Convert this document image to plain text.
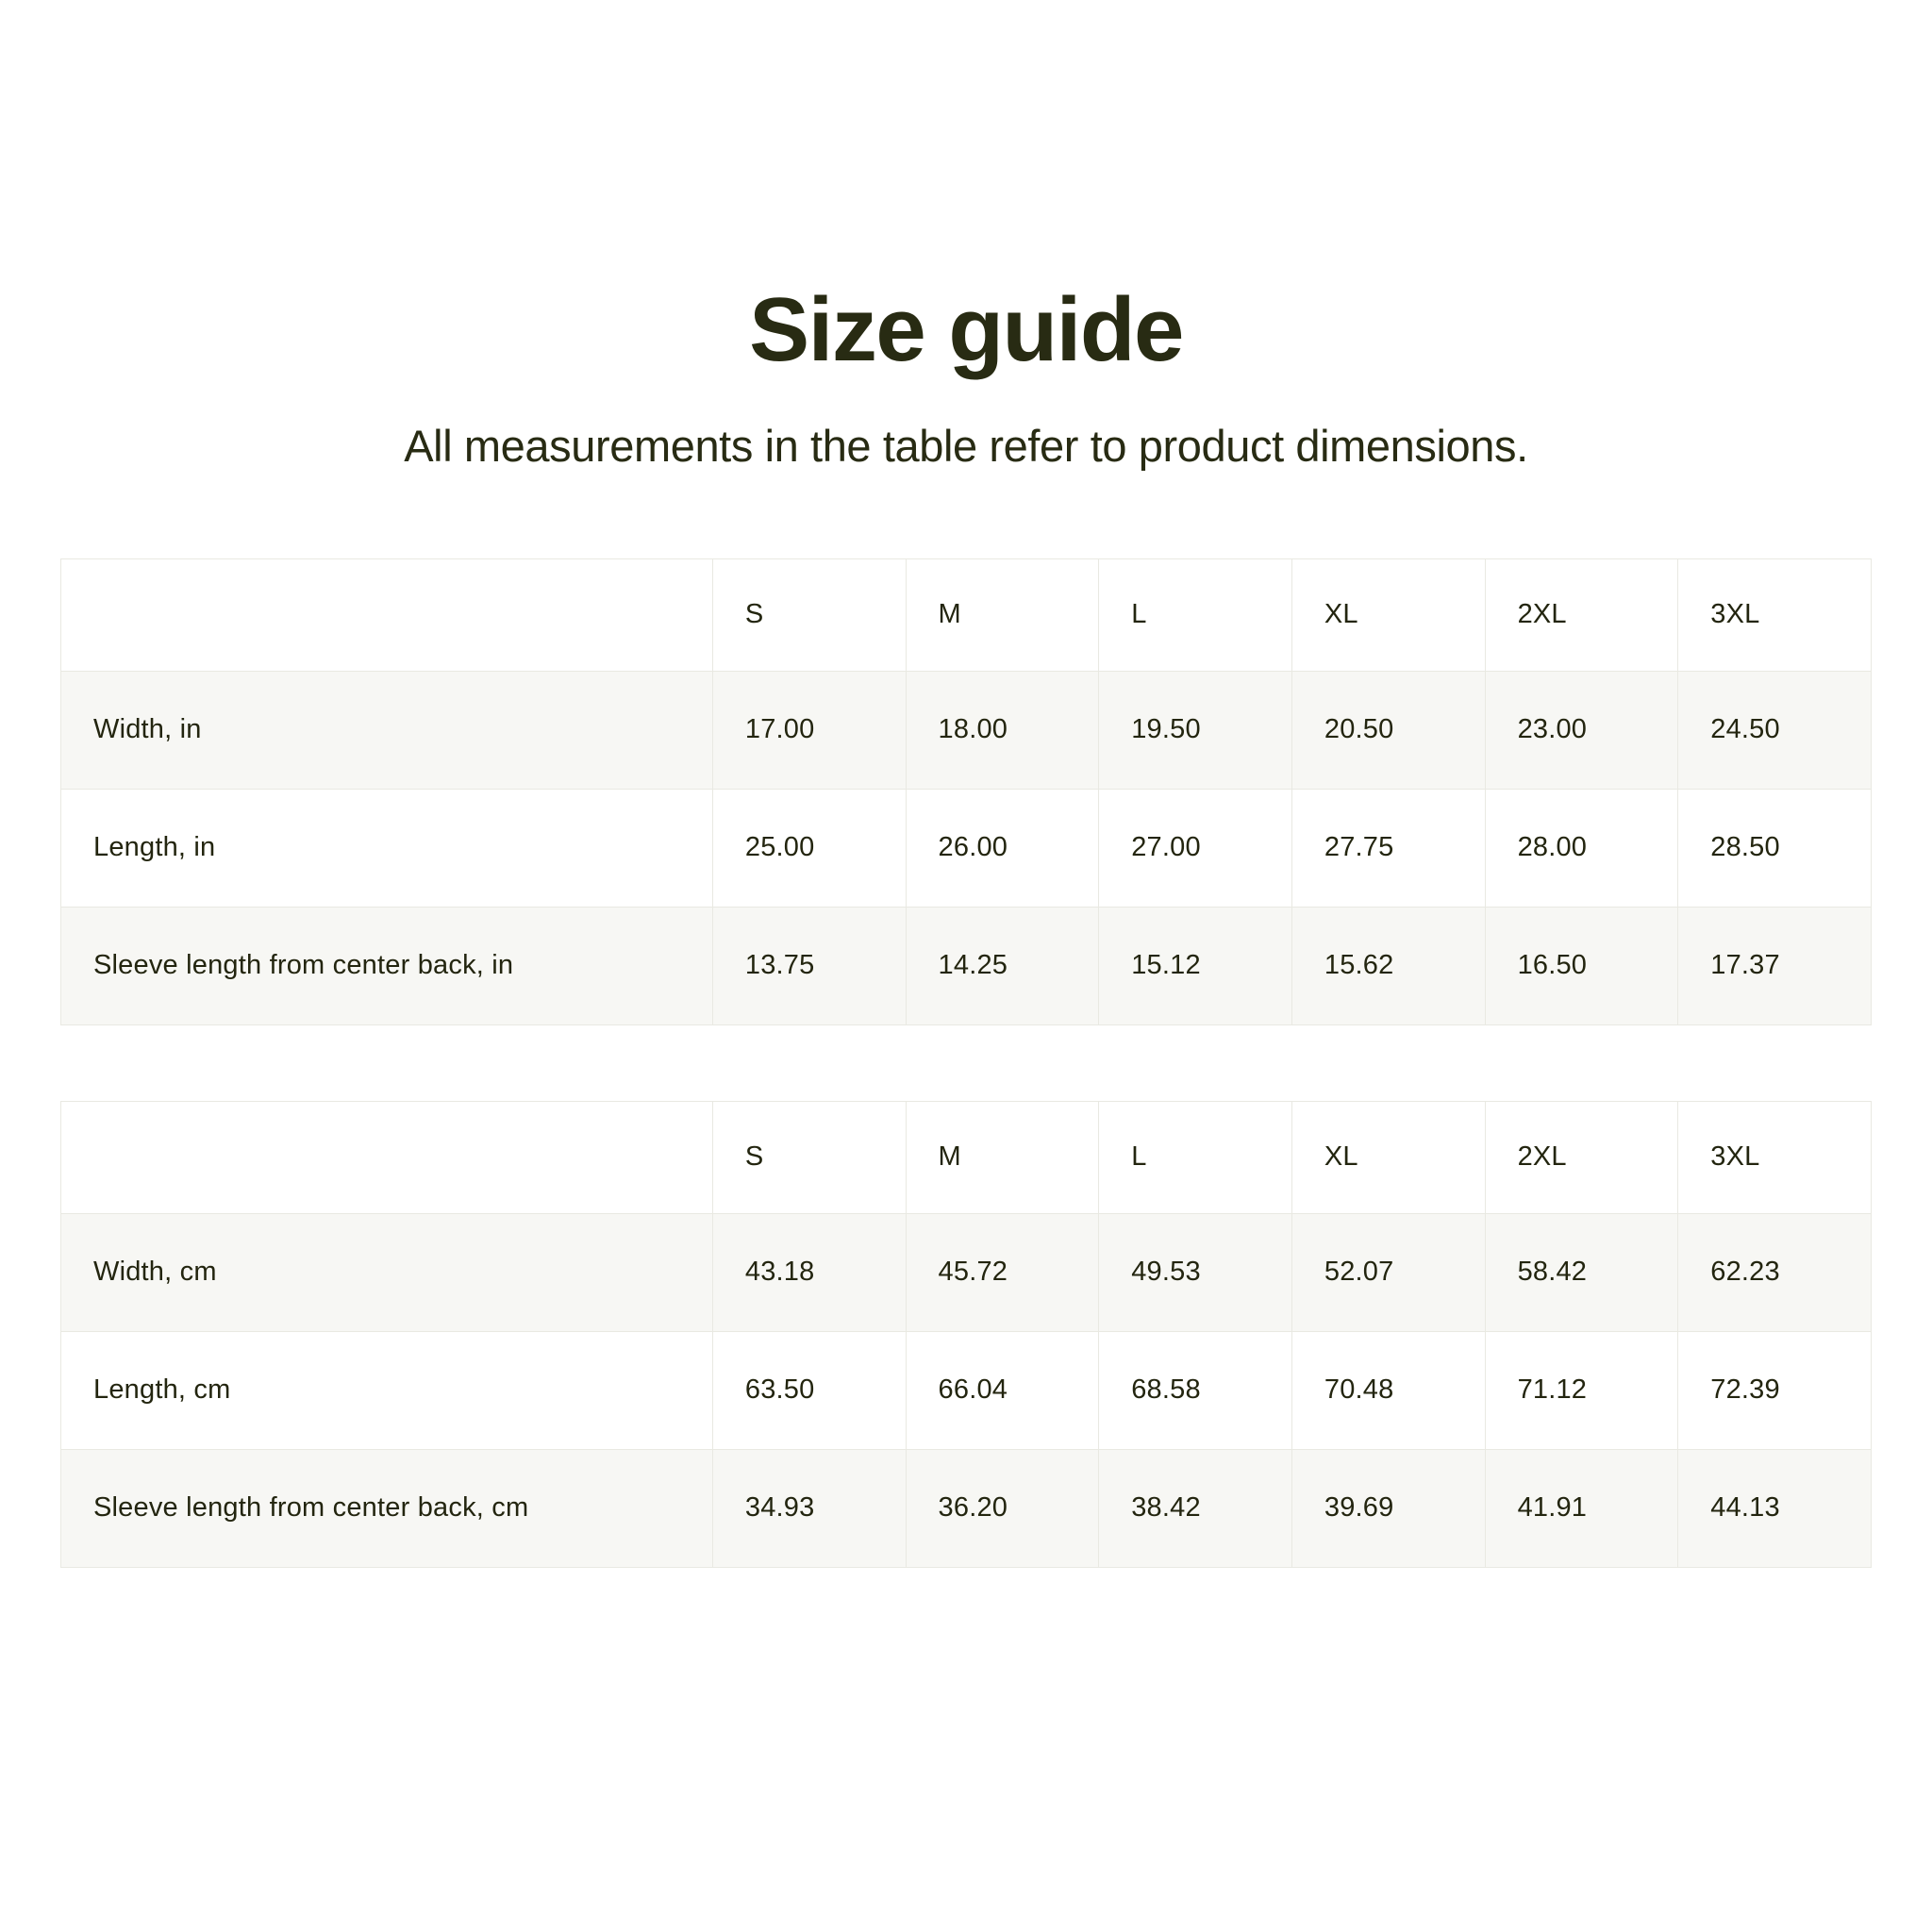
Size guide
All measurements in the table refer to product dimensions.
	S	M	L	XL	2XL	3XL
Width, in	17.00	18.00	19.50	20.50	23.00	24.50
Length, in	25.00	26.00	27.00	27.75	28.00	28.50
Sleeve length from center back, in	13.75	14.25	15.12	15.62	16.50	17.37
	S	M	L	XL	2XL	3XL
Width, cm	43.18	45.72	49.53	52.07	58.42	62.23
Length, cm	63.50	66.04	68.58	70.48	71.12	72.39
Sleeve length from center back, cm	34.93	36.20	38.42	39.69	41.91	44.13
